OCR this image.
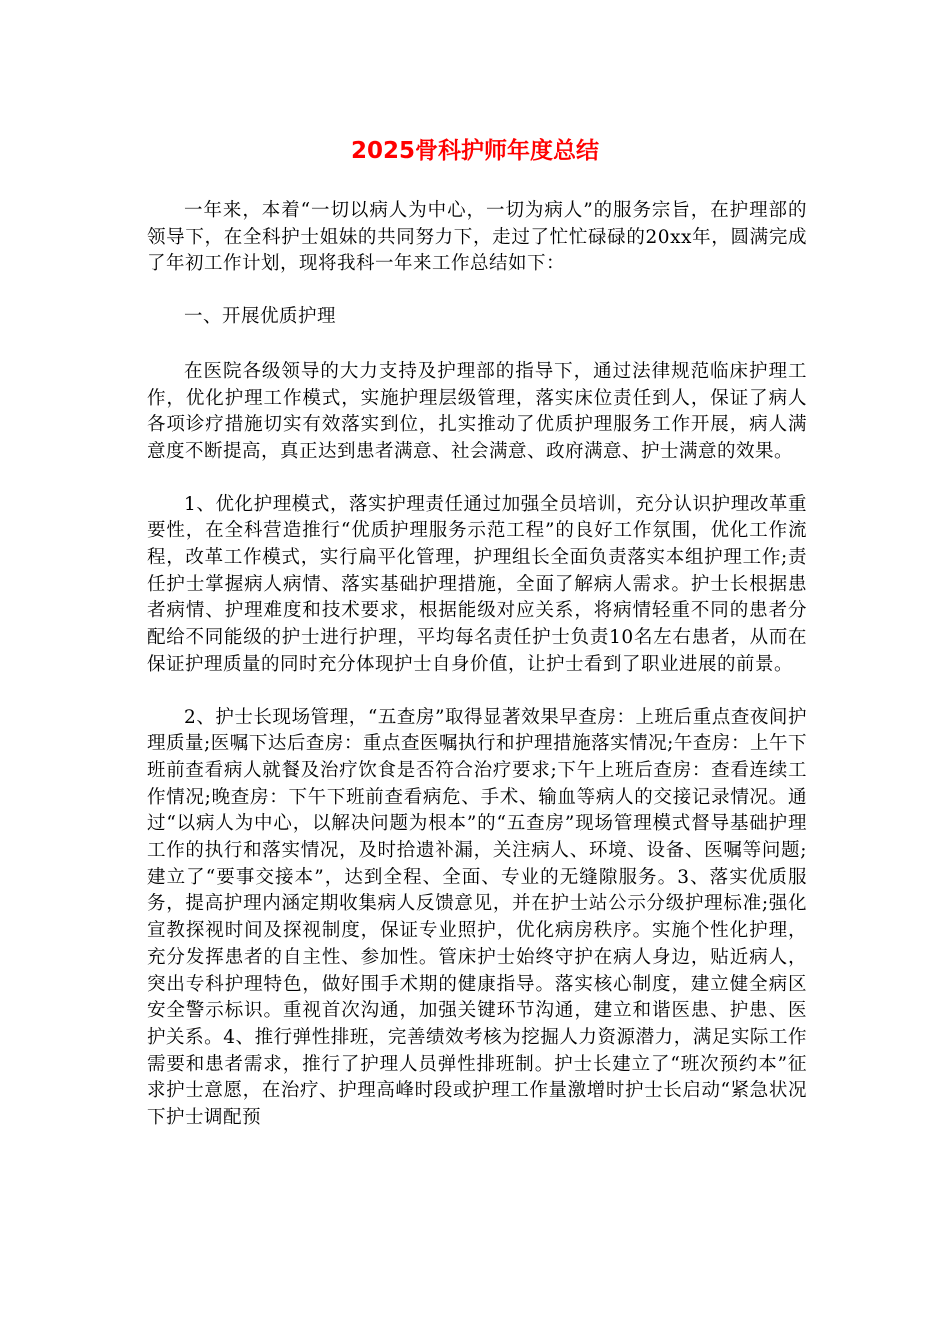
2025骨科护师年度总结

一年来，本着“一切以病人为中心，一切为病人”的服务宗旨，在护理部的领导下，在全科护士姐妹的共同努力下，走过了忙忙碌碌的20xx年，圆满完成了年初工作计划，现将我科一年来工作总结如下：

一、开展优质护理

在医院各级领导的大力支持及护理部的指导下，通过法律规范临床护理工作，优化护理工作模式，实施护理层级管理，落实床位责任到人，保证了病人各项诊疗措施切实有效落实到位，扎实推动了优质护理服务工作开展，病人满意度不断提高，真正达到患者满意、社会满意、政府满意、护士满意的效果。

1、优化护理模式，落实护理责任通过加强全员培训，充分认识护理改革重要性，在全科营造推行“优质护理服务示范工程”的良好工作氛围，优化工作流程，改革工作模式，实行扁平化管理，护理组长全面负责落实本组护理工作;责任护士掌握病人病情、落实基础护理措施，全面了解病人需求。护士长根据患者病情、护理难度和技术要求，根据能级对应关系，将病情轻重不同的患者分配给不同能级的护士进行护理，平均每名责任护士负责10名左右患者，从而在保证护理质量的同时充分体现护士自身价值，让护士看到了职业进展的前景。

2、护士长现场管理，“五查房”取得显著效果早查房：上班后重点查夜间护理质量;医嘱下达后查房：重点查医嘱执行和护理措施落实情况;午查房：上午下班前查看病人就餐及治疗饮食是否符合治疗要求;下午上班后查房：查看连续工作情况;晚查房：下午下班前查看病危、手术、输血等病人的交接记录情况。通过“以病人为中心，以解决问题为根本”的“五查房”现场管理模式督导基础护理工作的执行和落实情况，及时拾遗补漏，关注病人、环境、设备、医嘱等问题;建立了“要事交接本”，达到全程、全面、专业的无缝隙服务。3、落实优质服务，提高护理内涵定期收集病人反馈意见，并在护士站公示分级护理标准;强化宣教探视时间及探视制度，保证专业照护，优化病房秩序。实施个性化护理，充分发挥患者的自主性、参加性。管床护士始终守护在病人身边，贴近病人，突出专科护理特色，做好围手术期的健康指导。落实核心制度，建立健全病区安全警示标识。重视首次沟通，加强关键环节沟通，建立和谐医患、护患、医护关系。4、推行弹性排班，完善绩效考核为挖掘人力资源潜力，满足实际工作需要和患者需求，推行了护理人员弹性排班制。护士长建立了“班次预约本”征求护士意愿，在治疗、护理高峰时段或护理工作量激增时护士长启动“紧急状况下护士调配预
